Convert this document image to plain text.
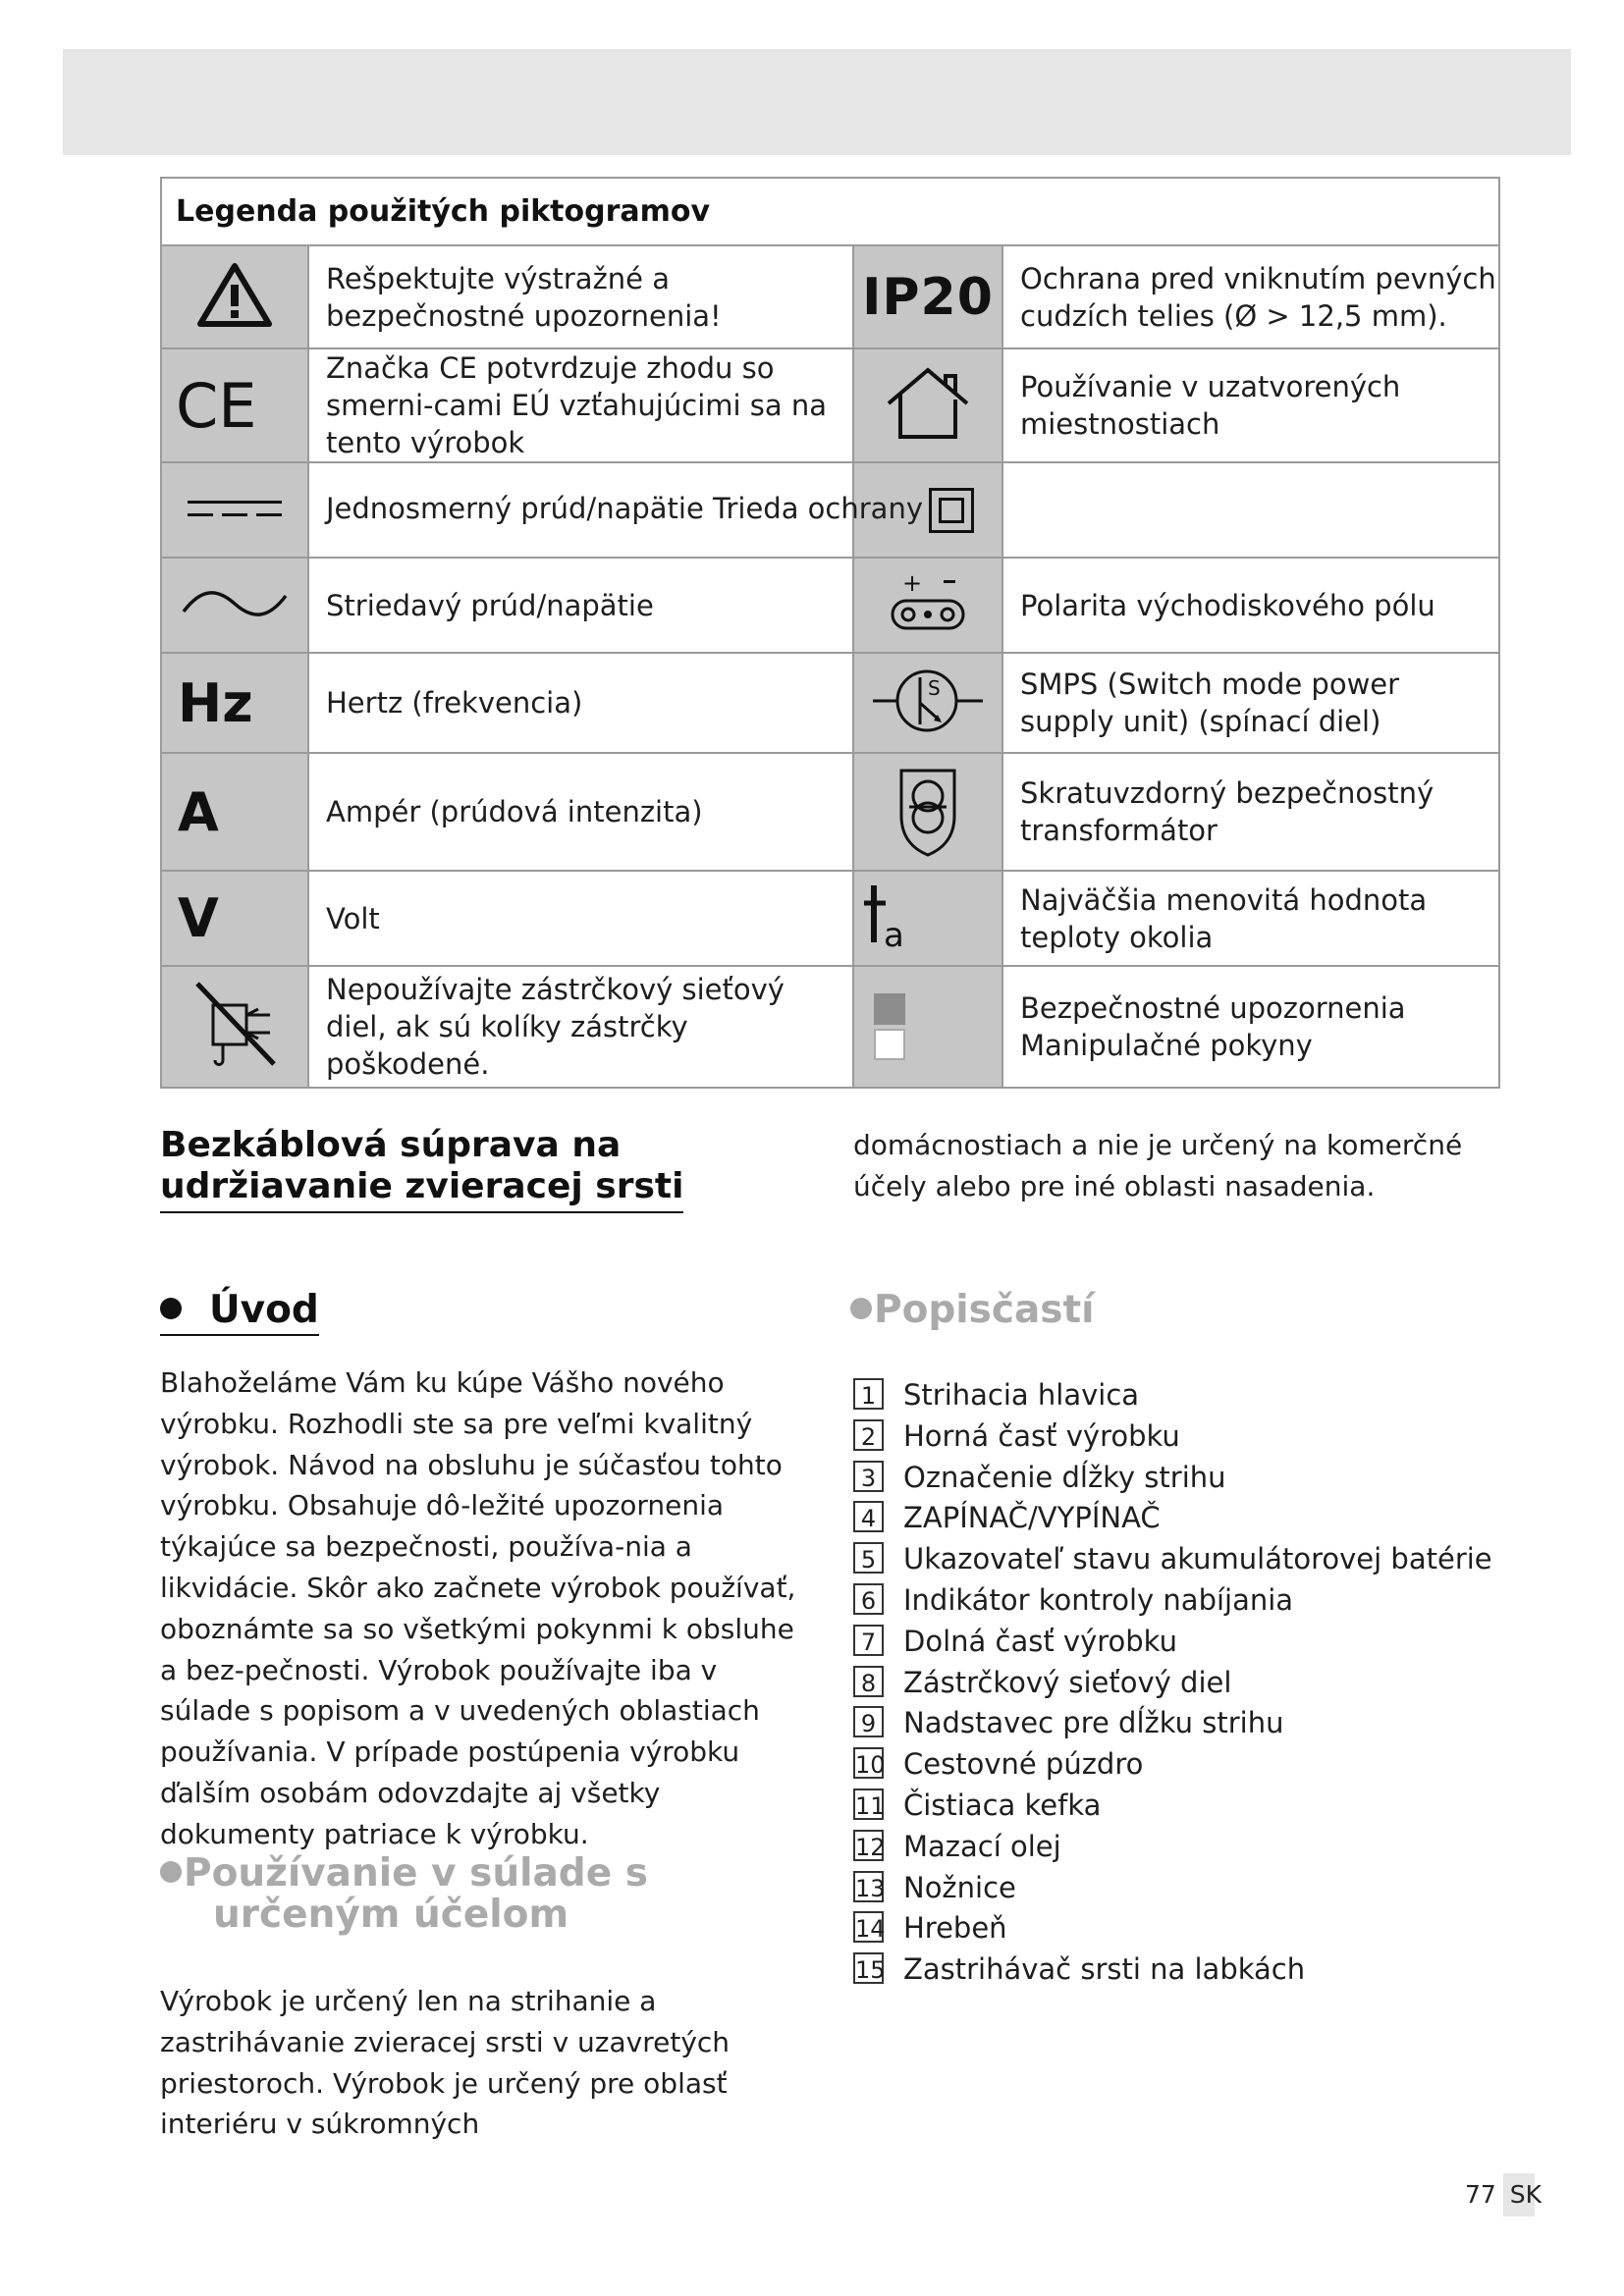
Legenda použitých piktogramov			
	Rešpektujte výstražné a bezpečnostné upozornenia!	IP20	Ochrana pred vniknutím pevných cudzích telies (Ø > 12,5 mm).
CE	Značka CE potvrdzuje zhodu so smerni-cami EÚ vzťahujúcimi sa na tento výrobok		Používanie v uzatvorených miestnostiach
	Jednosmerný prúd/napätie Trieda ochrany

	Striedavý prúd/napätie	+	Polarita východiskového pólu
Hz	Hertz (frekvencia)	S	SMPS (Switch mode power supply unit) (spínací diel)
A	Ampér (prúdová intenzita)		Skratuvzdorný bezpečnostný transformátor
V	Volt	a	Najväčšia menovitá hodnota teploty okolia
	Nepoužívajte zástrčkový sieťový diel, ak sú kolíky zástrčky poškodené.		Bezpečnostné upozornenia Manipulačné pokyny
Bezkáblová súprava na
udržiavanie zvieracej srsti
Úvod
Blahoželáme Vám ku kúpe Vášho nového výrobku. Rozhodli ste sa pre veľmi kvalitný výrobok. Návod na obsluhu je súčasťou tohto výrobku. Obsahuje dô-ležité upozornenia týkajúce sa bezpečnosti, používa-nia a likvidácie. Skôr ako začnete výrobok používať, oboznámte sa so všetkými pokynmi k obsluhe a bez-pečnosti. Výrobok používajte iba v súlade s popisom a v uvedených oblastiach používania. V prípade postúpenia výrobku ďalším osobám odovzdajte aj všetky dokumenty patriace k výrobku.
Používanie v súlade s
určeným účelom
Výrobok je určený len na strihanie a zastrihávanie zvieracej srsti v uzavretých priestoroch. Výrobok je určený pre oblasť interiéru v súkromných
domácnostiach a nie je určený na komerčné účely alebo pre iné oblasti nasadenia.
Popisčastí
1 Strihacia hlavica
2 Horná časť výrobku
3 Označenie dĺžky strihu
4 ZAPÍNAČ/VYPÍNAČ
5 Ukazovateľ stavu akumulátorovej batérie
6 Indikátor kontroly nabíjania
7 Dolná časť výrobku
8 Zástrčkový sieťový diel
9 Nadstavec pre dĺžku strihu
10 Cestovné púzdro
11 Čistiaca kefka
12 Mazací olej
13 Nožnice
14 Hrebeň
15 Zastrihávač srsti na labkách
77 SK
